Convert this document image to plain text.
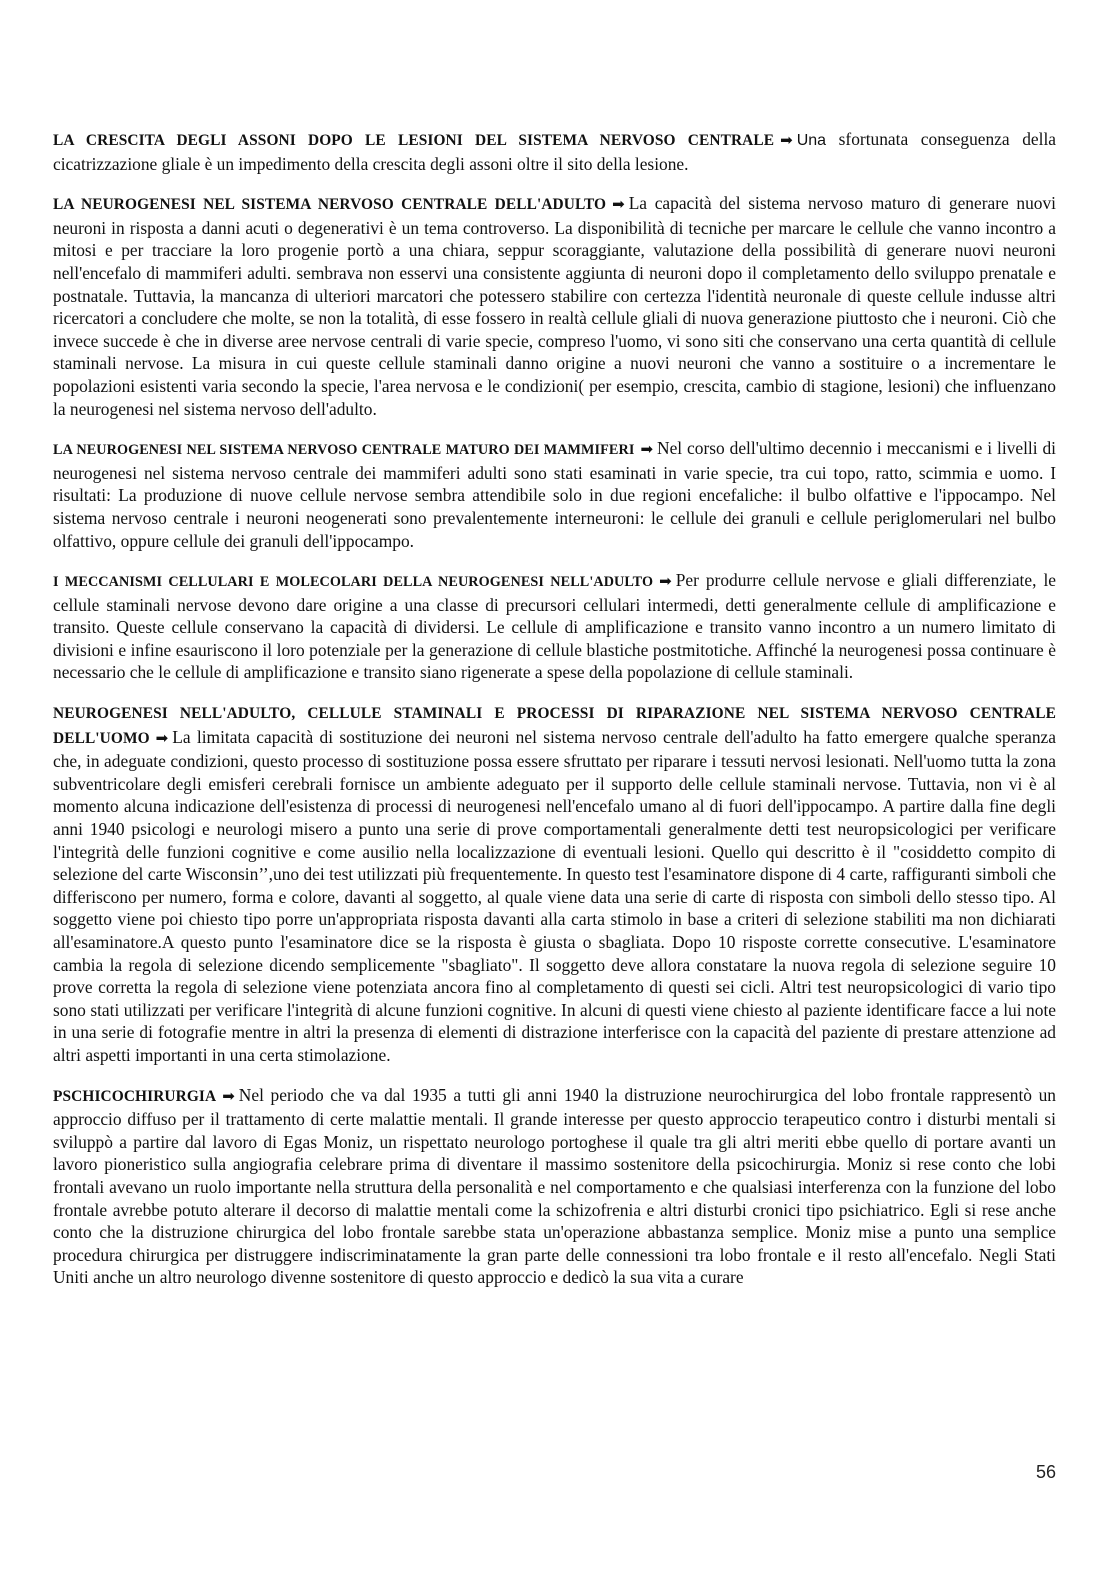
LA CRESCITA DEGLI ASSONI DOPO LE LESIONI DEL SISTEMA NERVOSO CENTRALE ➡ Una sfortunata conseguenza della cicatrizzazione gliale è un impedimento della crescita degli assoni oltre il sito della lesione.

LA NEUROGENESI NEL SISTEMA NERVOSO CENTRALE DELL'ADULTO ➡ La capacità del sistema nervoso maturo di generare nuovi neuroni in risposta a danni acuti o degenerativi è un tema controverso. La disponibilità di tecniche per marcare le cellule che vanno incontro a mitosi e per tracciare la loro progenie portò a una chiara, seppur scoraggiante, valutazione della possibilità di generare nuovi neuroni nell'encefalo di mammiferi adulti. sembrava non esservi una consistente aggiunta di neuroni dopo il completamento dello sviluppo prenatale e postnatale. Tuttavia, la mancanza di ulteriori marcatori che potessero stabilire con certezza l'identità neuronale di queste cellule indusse altri ricercatori a concludere che molte, se non la totalità, di esse fossero in realtà cellule gliali di nuova generazione piuttosto che i neuroni. Ciò che invece succede è che in diverse aree nervose centrali di varie specie, compreso l'uomo, vi sono siti che conservano una certa quantità di cellule staminali nervose. La misura in cui queste cellule staminali danno origine a nuovi neuroni che vanno a sostituire o a incrementare le popolazioni esistenti varia secondo la specie, l'area nervosa e le condizioni( per esempio, crescita, cambio di stagione, lesioni) che influenzano la neurogenesi nel sistema nervoso dell'adulto.

LA NEUROGENESI NEL SISTEMA NERVOSO CENTRALE MATURO DEI MAMMIFERI ➡ Nel corso dell'ultimo decennio i meccanismi e i livelli di neurogenesi nel sistema nervoso centrale dei mammiferi adulti sono stati esaminati in varie specie, tra cui topo, ratto, scimmia e uomo. I risultati: La produzione di nuove cellule nervose sembra attendibile solo in due regioni encefaliche: il bulbo olfattive e l'ippocampo. Nel sistema nervoso centrale i neuroni neogenerati sono prevalentemente interneuroni: le cellule dei granuli e cellule periglomerulari nel bulbo olfattivo, oppure cellule dei granuli dell'ippocampo.

I MECCANISMI CELLULARI E MOLECOLARI DELLA NEUROGENESI NELL'ADULTO ➡ Per produrre cellule nervose e gliali differenziate, le cellule staminali nervose devono dare origine a una classe di precursori cellulari intermedi, detti generalmente cellule di amplificazione e transito. Queste cellule conservano la capacità di dividersi. Le cellule di amplificazione e transito vanno incontro a un numero limitato di divisioni e infine esauriscono il loro potenziale per la generazione di cellule blastiche postmitotiche. Affinché la neurogenesi possa continuare è necessario che le cellule di amplificazione e transito siano rigenerate a spese della popolazione di cellule staminali.

NEUROGENESI NELL'ADULTO, CELLULE STAMINALI E PROCESSI DI RIPARAZIONE NEL SISTEMA NERVOSO CENTRALE DELL'UOMO ➡ La limitata capacità di sostituzione dei neuroni nel sistema nervoso centrale dell'adulto ha fatto emergere qualche speranza che, in adeguate condizioni, questo processo di sostituzione possa essere sfruttato per riparare i tessuti nervosi lesionati. Nell'uomo tutta la zona subventricolare degli emisferi cerebrali fornisce un ambiente adeguato per il supporto delle cellule staminali nervose. Tuttavia, non vi è al momento alcuna indicazione dell'esistenza di processi di neurogenesi nell'encefalo umano al di fuori dell'ippocampo. A partire dalla fine degli anni 1940 psicologi e neurologi misero a punto una serie di prove comportamentali generalmente detti test neuropsicologici per verificare l'integrità delle funzioni cognitive e come ausilio nella localizzazione di eventuali lesioni. Quello qui descritto è il "cosiddetto compito di selezione del carte Wisconsin’’,uno dei test utilizzati più frequentemente. In questo test l'esaminatore dispone di 4 carte, raffiguranti simboli che differiscono per numero, forma e colore, davanti al soggetto, al quale viene data una serie di carte di risposta con simboli dello stesso tipo. Al soggetto viene poi chiesto tipo porre un'appropriata risposta davanti alla carta stimolo in base a criteri di selezione stabiliti ma non dichiarati all'esaminatore.A questo punto l'esaminatore dice se la risposta è giusta o sbagliata. Dopo 10 risposte corrette consecutive. L'esaminatore cambia la regola di selezione dicendo semplicemente "sbagliato". Il soggetto deve allora constatare la nuova regola di selezione seguire 10 prove corretta la regola di selezione viene potenziata ancora fino al completamento di questi sei cicli. Altri test neuropsicologici di vario tipo sono stati utilizzati per verificare l'integrità di alcune funzioni cognitive. In alcuni di questi viene chiesto al paziente identificare facce a lui note in una serie di fotografie mentre in altri la presenza di elementi di distrazione interferisce con la capacità del paziente di prestare attenzione ad altri aspetti importanti in una certa stimolazione.

PSCHICOCHIRURGIA ➡ Nel periodo che va dal 1935 a tutti gli anni 1940 la distruzione neurochirurgica del lobo frontale rappresentò un approccio diffuso per il trattamento di certe malattie mentali. Il grande interesse per questo approccio terapeutico contro i disturbi mentali si sviluppò a partire dal lavoro di Egas Moniz, un rispettato neurologo portoghese il quale tra gli altri meriti ebbe quello di portare avanti un lavoro pioneristico sulla angiografia celebrare prima di diventare il massimo sostenitore della psicochirurgia. Moniz si rese conto che lobi frontali avevano un ruolo importante nella struttura della personalità e nel comportamento e che qualsiasi interferenza con la funzione del lobo frontale avrebbe potuto alterare il decorso di malattie mentali come la schizofrenia e altri disturbi cronici tipo psichiatrico. Egli si rese anche conto che la distruzione chirurgica del lobo frontale sarebbe stata un'operazione abbastanza semplice. Moniz mise a punto una semplice procedura chirurgica per distruggere indiscriminatamente la gran parte delle connessioni tra lobo frontale e il resto all'encefalo. Negli Stati Uniti anche un altro neurologo divenne sostenitore di questo approccio e dedicò la sua vita a curare

56
